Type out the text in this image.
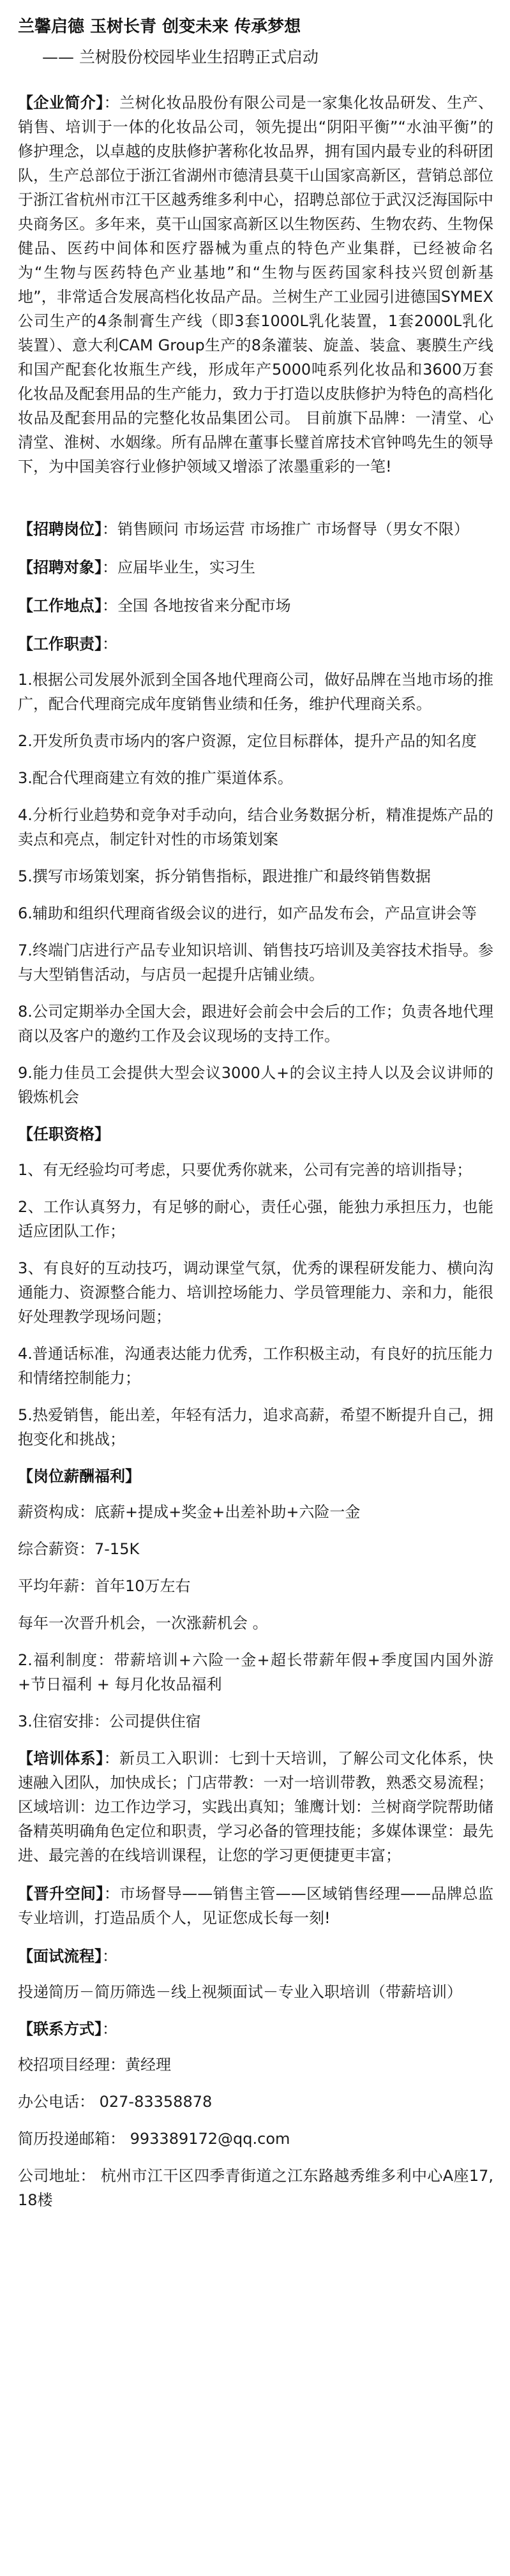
兰馨启德 玉树长青 创变未来 传承梦想

—— 兰树股份校园毕业生招聘正式启动

【企业简介】：兰树化妆品股份有限公司是一家集化妆品研发、生产、销售、培训于一体的化妆品公司，领先提出“阴阳平衡”“水油平衡”的修护理念，以卓越的皮肤修护著称化妆品界，拥有国内最专业的科研团队，生产总部位于浙江省湖州市德清县莫干山国家高新区，营销总部位于浙江省杭州市江干区越秀维多利中心，招聘总部位于武汉泛海国际中央商务区。多年来，莫干山国家高新区以生物医药、生物农药、生物保健品、医药中间体和医疗器械为重点的特色产业集群，已经被命名为“生物与医药特色产业基地”和“生物与医药国家科技兴贸创新基地”，非常适合发展高档化妆品产品。兰树生产工业园引进德国SYMEX公司生产的4条制膏生产线（即3套1000L乳化装置，1套2000L乳化装置）、意大利CAM Group生产的8条灌装、旋盖、装盒、裹膜生产线和国产配套化妆瓶生产线，形成年产5000吨系列化妆品和3600万套化妆品及配套用品的生产能力，致力于打造以皮肤修护为特色的高档化妆品及配套用品的完整化妆品集团公司。 目前旗下品牌：一清堂、心清堂、淮树、水姻缘。所有品牌在董事长璧首席技术官钟鸣先生的领导下，为中国美容行业修护领域又增添了浓墨重彩的一笔!

【招聘岗位】：销售顾问 市场运营 市场推广 市场督导（男女不限）

【招聘对象】：应届毕业生，实习生

【工作地点】：全国 各地按省来分配市场

【工作职责】：

1.根据公司发展外派到全国各地代理商公司，做好品牌在当地市场的推广，配合代理商完成年度销售业绩和任务，维护代理商关系。

2.开发所负责市场内的客户资源，定位目标群体，提升产品的知名度

3.配合代理商建立有效的推广渠道体系。

4.分析行业趋势和竞争对手动向，结合业务数据分析，精准提炼产品的卖点和亮点，制定针对性的市场策划案

5.撰写市场策划案，拆分销售指标，跟进推广和最终销售数据

6.辅助和组织代理商省级会议的进行，如产品发布会，产品宣讲会等

7.终端门店进行产品专业知识培训、销售技巧培训及美容技术指导。参与大型销售活动，与店员一起提升店铺业绩。

8.公司定期举办全国大会，跟进好会前会中会后的工作；负责各地代理商以及客户的邀约工作及会议现场的支持工作。

9.能力佳员工会提供大型会议3000人+的会议主持人以及会议讲师的锻炼机会

【任职资格】

1、有无经验均可考虑，只要优秀你就来，公司有完善的培训指导；

2、工作认真努力，有足够的耐心，责任心强，能独力承担压力，也能适应团队工作；

3、有良好的互动技巧，调动课堂气氛，优秀的课程研发能力、横向沟通能力、资源整合能力、培训控场能力、学员管理能力、亲和力，能很好处理教学现场问题；

4.普通话标准，沟通表达能力优秀，工作积极主动，有良好的抗压能力和情绪控制能力；

5.热爱销售，能出差，年轻有活力，追求高薪，希望不断提升自己，拥抱变化和挑战；

【岗位薪酬福利】

薪资构成：底薪+提成+奖金+出差补助+六险一金

综合薪资：7-15K

平均年薪：首年10万左右

每年一次晋升机会，一次涨薪机会 。

2.福利制度：带薪培训+六险一金+超长带薪年假+季度国内国外游+节日福利 + 每月化妆品福利

3.住宿安排：公司提供住宿

【培训体系】：新员工入职训：七到十天培训，了解公司文化体系，快速融入团队，加快成长；门店带教：一对一培训带教，熟悉交易流程；区域培训：边工作边学习，实践出真知；雏鹰计划：兰树商学院帮助储备精英明确角色定位和职责，学习必备的管理技能；多媒体课堂：最先进、最完善的在线培训课程，让您的学习更便捷更丰富；

【晋升空间】：市场督导——销售主管——区域销售经理——品牌总监 专业培训，打造品质个人，见证您成长每一刻!

【面试流程】：

投递简历－简历筛选－线上视频面试－专业入职培训（带薪培训）

【联系方式】：

校招项目经理：黄经理

办公电话： 027-83358878

简历投递邮箱： 993389172@qq.com

公司地址： 杭州市江干区四季青街道之江东路越秀维多利中心A座17,18楼
